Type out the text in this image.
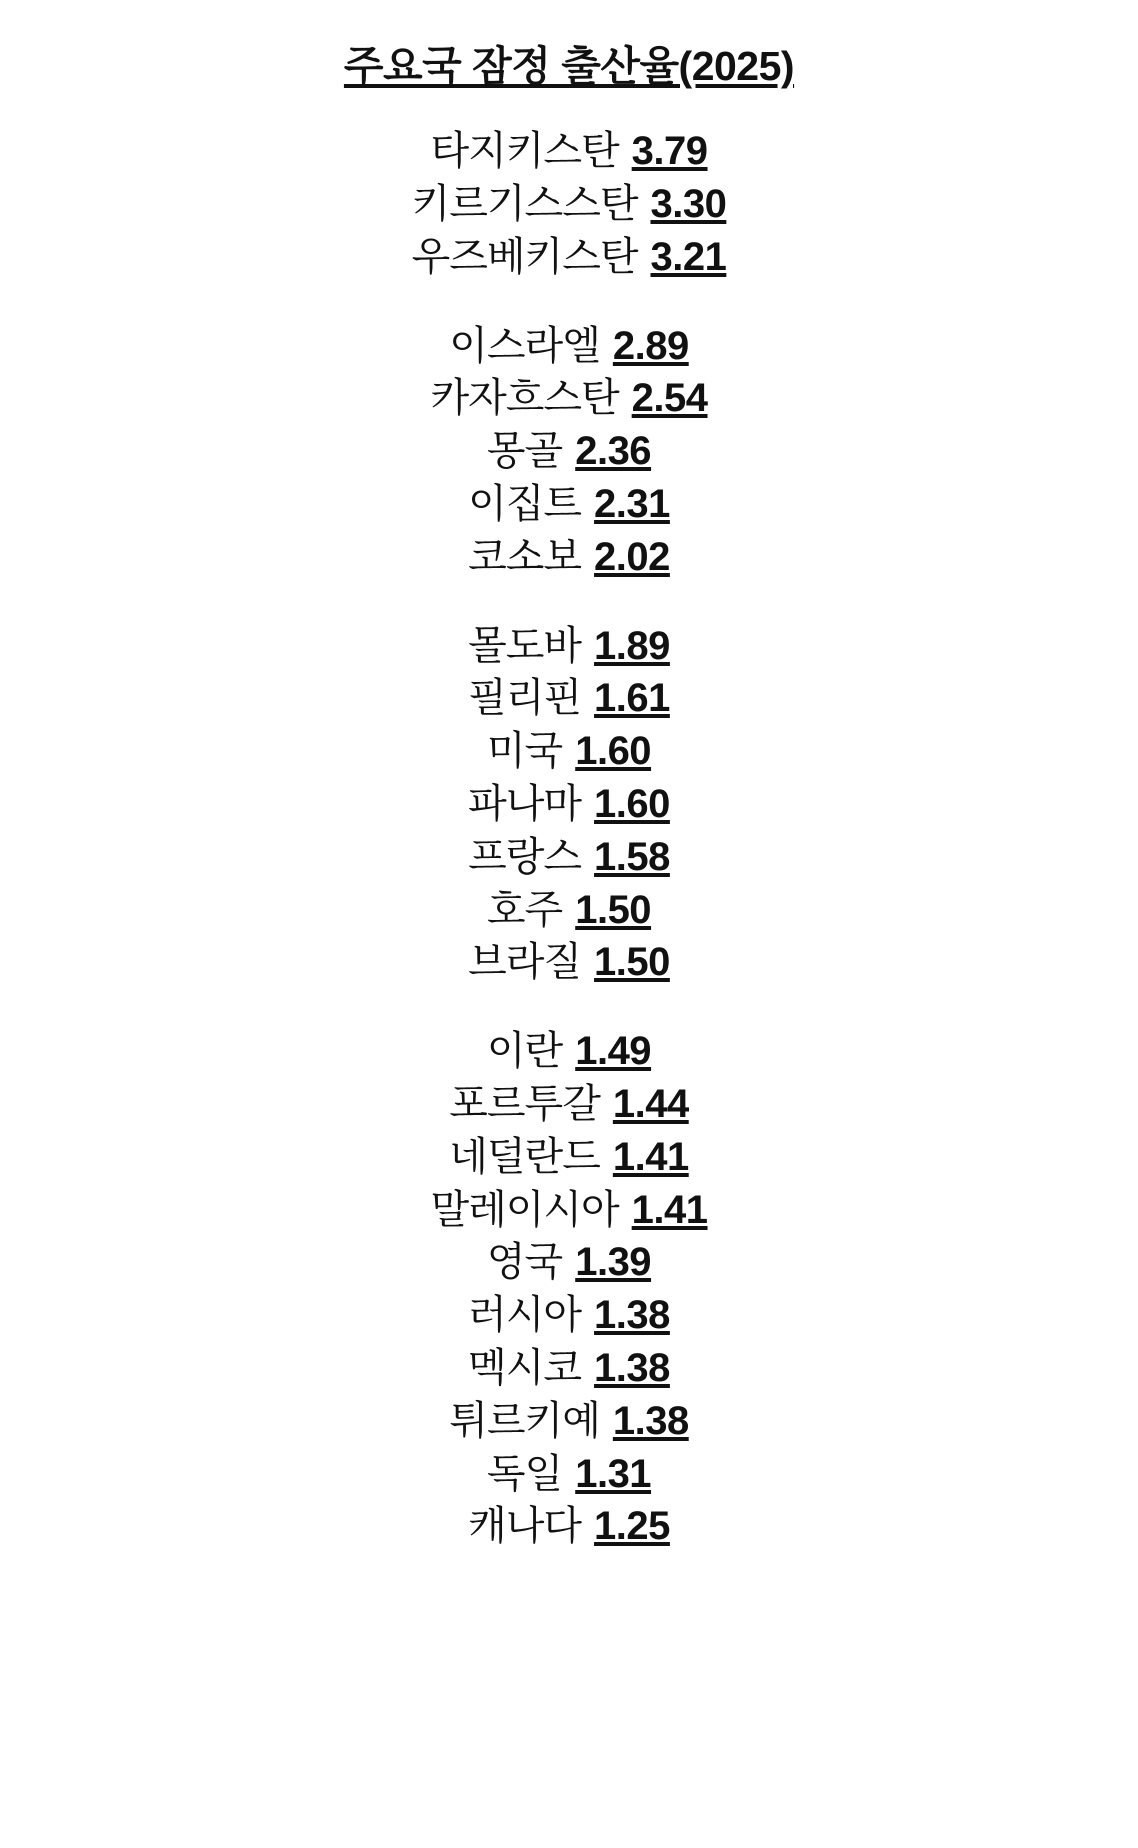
주요국 잠정 출산율(2025)
타지키스탄 3.79
키르기스스탄 3.30
우즈베키스탄 3.21
이스라엘 2.89
카자흐스탄 2.54
몽골 2.36
이집트 2.31
코소보 2.02
몰도바 1.89
필리핀 1.61
미국 1.60
파나마 1.60
프랑스 1.58
호주 1.50
브라질 1.50
이란 1.49
포르투갈 1.44
네덜란드 1.41
말레이시아 1.41
영국 1.39
러시아 1.38
멕시코 1.38
튀르키예 1.38
독일 1.31
캐나다 1.25
